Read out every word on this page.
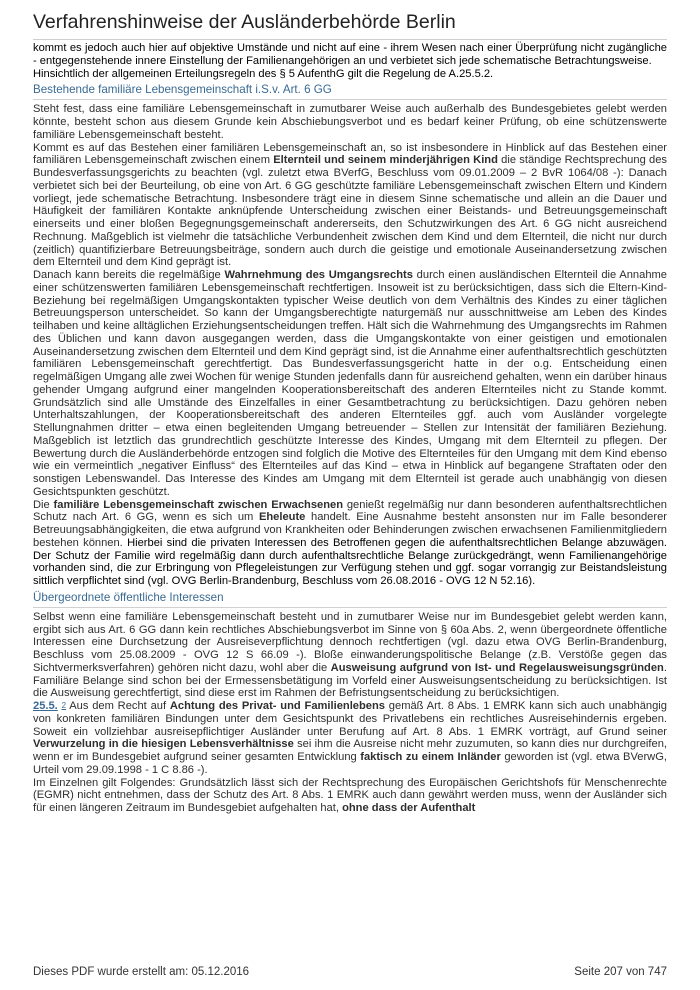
Verfahrenshinweise der Ausländerbehörde Berlin

kommt es jedoch auch hier auf objektive Umstände und nicht auf eine - ihrem Wesen nach einer Überprüfung nicht zugängliche - entgegenstehende innere Einstellung der Familienangehörigen an und verbietet sich jede schematische Betrachtungsweise.

Hinsichtlich der allgemeinen Erteilungsregeln des § 5 AufenthG gilt die Regelung de A.25.5.2.

Bestehende familiäre Lebensgemeinschaft i.S.v. Art. 6 GG

Steht fest, dass eine familiäre Lebensgemeinschaft in zumutbarer Weise auch außerhalb des Bundesgebietes gelebt werden könnte, besteht schon aus diesem Grunde kein Abschiebungsverbot und es bedarf keiner Prüfung, ob eine schützenswerte familiäre Lebensgemeinschaft besteht.

Kommt es auf das Bestehen einer familiären Lebensgemeinschaft an, so ist insbesondere in Hinblick auf das Bestehen einer familiären Lebensgemeinschaft zwischen einem Elternteil und seinem minderjährigen Kind die ständige Rechtsprechung des Bundesverfassungsgerichts zu beachten (vgl. zuletzt etwa BVerfG, Beschluss vom 09.01.2009 – 2 BvR 1064/08 -): Danach verbietet sich bei der Beurteilung, ob eine von Art. 6 GG geschützte familiäre Lebensgemeinschaft zwischen Eltern und Kindern vorliegt, jede schematische Betrachtung. Insbesondere trägt eine in diesem Sinne schematische und allein an die Dauer und Häufigkeit der familiären Kontakte anknüpfende Unterscheidung zwischen einer Beistands- und Betreuungsgemeinschaft einerseits und einer bloßen Begegnungsgemeinschaft andererseits, den Schutzwirkungen des Art. 6 GG nicht ausreichend Rechnung. Maßgeblich ist vielmehr die tatsächliche Verbundenheit zwischen dem Kind und dem Elternteil, die nicht nur durch (zeitlich) quantifizierbare Betreuungsbeiträge, sondern auch durch die geistige und emotionale Auseinandersetzung zwischen dem Elternteil und dem Kind geprägt ist.

Danach kann bereits die regelmäßige Wahrnehmung des Umgangsrechts durch einen ausländischen Elternteil die Annahme einer schützenswerten familiären Lebensgemeinschaft rechtfertigen. Insoweit ist zu berücksichtigen, dass sich die Eltern-Kind-Beziehung bei regelmäßigen Umgangskontakten typischer Weise deutlich von dem Verhältnis des Kindes zu einer täglichen Betreuungsperson unterscheidet. So kann der Umgangsberechtigte naturgemäß nur ausschnittweise am Leben des Kindes teilhaben und keine alltäglichen Erziehungsentscheidungen treffen. Hält sich die Wahrnehmung des Umgangsrechts im Rahmen des Üblichen und kann davon ausgegangen werden, dass die Umgangskontakte von einer geistigen und emotionalen Auseinandersetzung zwischen dem Elternteil und dem Kind geprägt sind, ist die Annahme einer aufenthaltsrechtlich geschützten familiären Lebensgemeinschaft gerechtfertigt. Das Bundesverfassungsgericht hatte in der o.g. Entscheidung einen regelmäßigen Umgang alle zwei Wochen für wenige Stunden jedenfalls dann für ausreichend gehalten, wenn ein darüber hinaus gehender Umgang aufgrund einer mangelnden Kooperationsbereitschaft des anderen Elternteiles nicht zu Stande kommt. Grundsätzlich sind alle Umstände des Einzelfalles in einer Gesamtbetrachtung zu berücksichtigen. Dazu gehören neben Unterhaltszahlungen, der Kooperationsbereitschaft des anderen Elternteiles ggf. auch vom Ausländer vorgelegte Stellungnahmen dritter – etwa einen begleitenden Umgang betreuender – Stellen zur Intensität der familiären Beziehung. Maßgeblich ist letztlich das grundrechtlich geschützte Interesse des Kindes, Umgang mit dem Elternteil zu pflegen. Der Bewertung durch die Ausländerbehörde entzogen sind folglich die Motive des Elternteiles für den Umgang mit dem Kind ebenso wie ein vermeintlich „negativer Einfluss“ des Elternteiles auf das Kind – etwa in Hinblick auf begangene Straftaten oder den sonstigen Lebenswandel. Das Interesse des Kindes am Umgang mit dem Elternteil ist gerade auch unabhängig von diesen Gesichtspunkten geschützt.

Die familiäre Lebensgemeinschaft zwischen Erwachsenen genießt regelmäßig nur dann besonderen aufenthaltsrechtlichen Schutz nach Art. 6 GG, wenn es sich um Eheleute handelt. Eine Ausnahme besteht ansonsten nur im Falle besonderer Betreuungsabhängigkeiten, die etwa aufgrund von Krankheiten oder Behinderungen zwischen erwachsenen Familienmitgliedern bestehen können. Hierbei sind die privaten Interessen des Betroffenen gegen die aufenthaltsrechtlichen Belange abzuwägen. Der Schutz der Familie wird regelmäßig dann durch aufenthaltsrechtliche Belange zurückgedrängt, wenn Familienangehörige vorhanden sind, die zur Erbringung von Pflegeleistungen zur Verfügung stehen und ggf. sogar vorrangig zur Beistandsleistung sittlich verpflichtet sind (vgl. OVG Berlin-Brandenburg, Beschluss vom 26.08.2016 - OVG 12 N 52.16).

Übergeordnete öffentliche Interessen

Selbst wenn eine familiäre Lebensgemeinschaft besteht und in zumutbarer Weise nur im Bundesgebiet gelebt werden kann, ergibt sich aus Art. 6 GG dann kein rechtliches Abschiebungsverbot im Sinne von § 60a Abs. 2, wenn übergeordnete öffentliche Interessen eine Durchsetzung der Ausreiseverpflichtung dennoch rechtfertigen (vgl. dazu etwa OVG Berlin-Brandenburg, Beschluss vom 25.08.2009 - OVG 12 S 66.09 -). Bloße einwanderungspolitische Belange (z.B. Verstöße gegen das Sichtvermerksverfahren) gehören nicht dazu, wohl aber die Ausweisung aufgrund von Ist- und Regelausweisungsgründen. Familiäre Belange sind schon bei der Ermessensbetätigung im Vorfeld einer Ausweisungsentscheidung zu berücksichtigen. Ist die Ausweisung gerechtfertigt, sind diese erst im Rahmen der Befristungsentscheidung zu berücksichtigen.

25.5. 2 Aus dem Recht auf Achtung des Privat- und Familienlebens gemäß Art. 8 Abs. 1 EMRK kann sich auch unabhängig von konkreten familiären Bindungen unter dem Gesichtspunkt des Privatlebens ein rechtliches Ausreisehindernis ergeben. Soweit ein vollziehbar ausreisepflichtiger Ausländer unter Berufung auf Art. 8 Abs. 1 EMRK vorträgt, auf Grund seiner Verwurzelung in die hiesigen Lebensverhältnisse sei ihm die Ausreise nicht mehr zuzumuten, so kann dies nur durchgreifen, wenn er im Bundesgebiet aufgrund seiner gesamten Entwicklung faktisch zu einem Inländer geworden ist (vgl. etwa BVerwG, Urteil vom 29.09.1998 - 1 C 8.86 -).

Im Einzelnen gilt Folgendes: Grundsätzlich lässt sich der Rechtsprechung des Europäischen Gerichtshofs für Menschenrechte (EGMR) nicht entnehmen, dass der Schutz des Art. 8 Abs. 1 EMRK auch dann gewährt werden muss, wenn der Ausländer sich für einen längeren Zeitraum im Bundesgebiet aufgehalten hat, ohne dass der Aufenthalt

Dieses PDF wurde erstellt am: 05.12.2016	Seite 207 von 747
